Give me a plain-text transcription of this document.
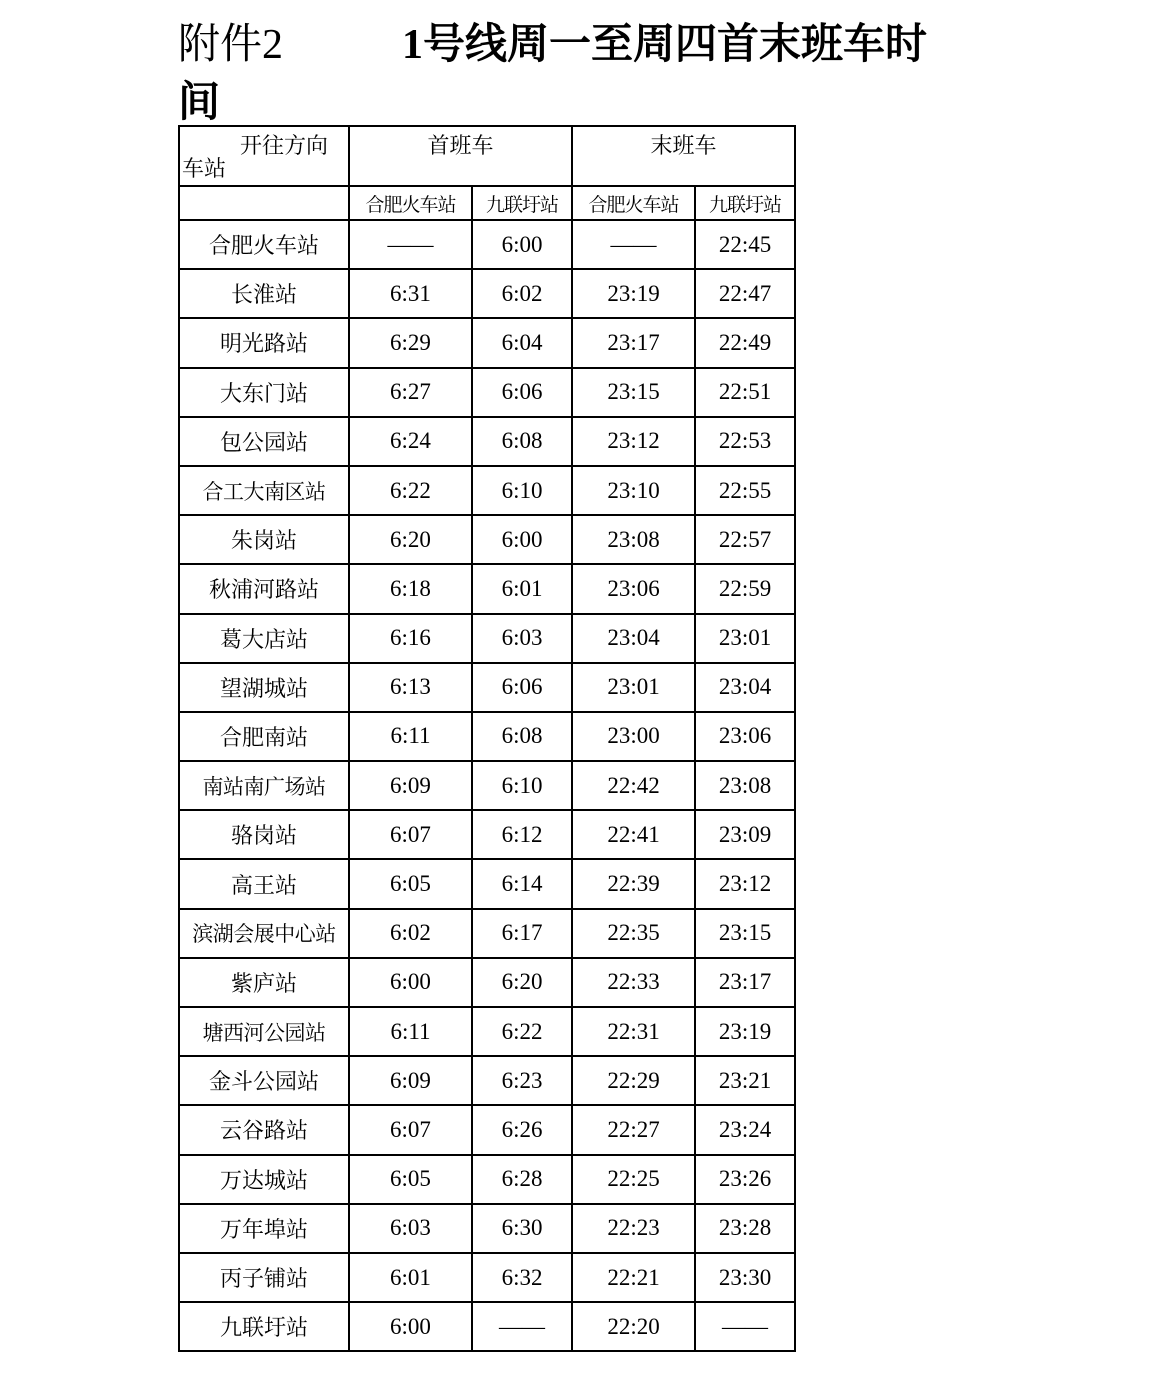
附件2	1号线周一至周四首末班车时
间
开往方向
车站	首班车		末班车	
	合肥火车站	九联圩站	合肥火车站	九联圩站
合肥火车站	——	6:00	——	22:45
长淮站	6:31	6:02	23:19	22:47
明光路站	6:29	6:04	23:17	22:49
大东门站	6:27	6:06	23:15	22:51
包公园站	6:24	6:08	23:12	22:53
合工大南区站	6:22	6:10	23:10	22:55
朱岗站	6:20	6:00	23:08	22:57
秋浦河路站	6:18	6:01	23:06	22:59
葛大店站	6:16	6:03	23:04	23:01
望湖城站	6:13	6:06	23:01	23:04
合肥南站	6:11	6:08	23:00	23:06
南站南广场站	6:09	6:10	22:42	23:08
骆岗站	6:07	6:12	22:41	23:09
高王站	6:05	6:14	22:39	23:12
滨湖会展中心站	6:02	6:17	22:35	23:15
紫庐站	6:00	6:20	22:33	23:17
塘西河公园站	6:11	6:22	22:31	23:19
金斗公园站	6:09	6:23	22:29	23:21
云谷路站	6:07	6:26	22:27	23:24
万达城站	6:05	6:28	22:25	23:26
万年埠站	6:03	6:30	22:23	23:28
丙子铺站	6:01	6:32	22:21	23:30
九联圩站	6:00	——	22:20	——
